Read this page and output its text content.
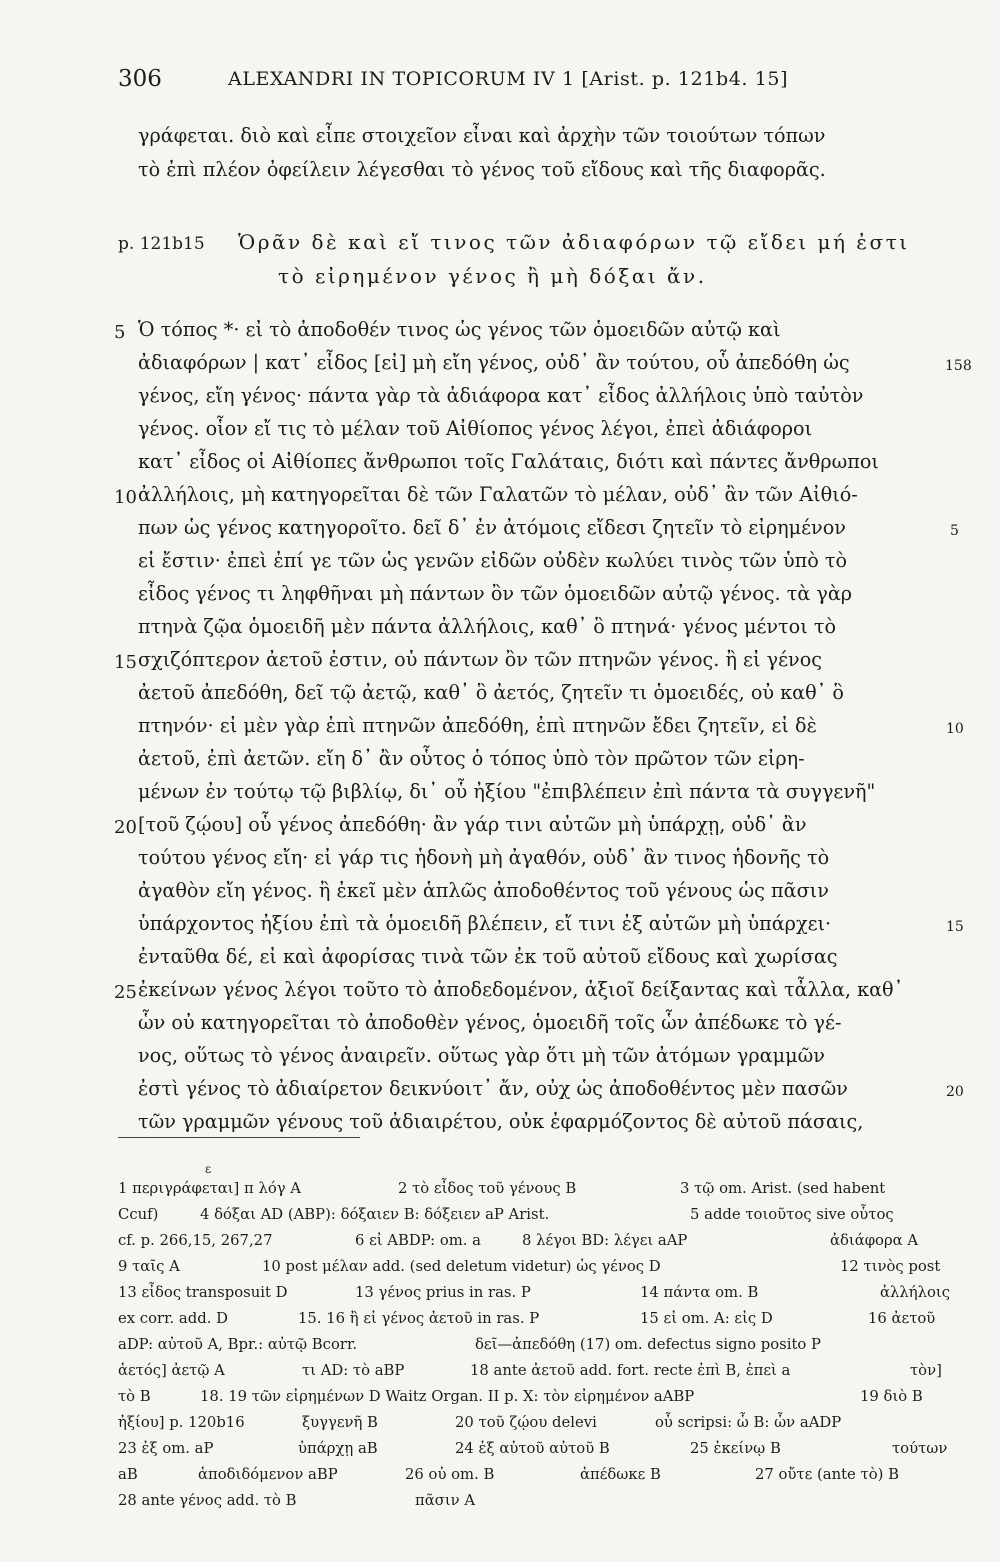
306	ALEXANDRI IN TOPICORUM IV 1 [Arist. p. 121b4. 15]
γράφεται. διὸ καὶ εἶπε στοιχεῖον εἶναι καὶ ἀρχὴν τῶν τοιούτων τόπων
τὸ ἐπὶ πλέον ὀφείλειν λέγεσθαι τὸ γένος τοῦ εἴδους καὶ τῆς διαφορᾶς.
p. 121b15 Ὁρᾶν δὲ καὶ εἴ τινος τῶν ἀδιαφόρων τῷ εἴδει μή ἐστι
τὸ εἰρημένον γένος ἢ μὴ δόξαι ἄν.
Ὁ τόπος *· εἰ τὸ ἀποδοθέν τινος ὡς γένος τῶν ὁμοειδῶν αὐτῷ καὶ
ἀδιαφόρων | κατ᾽ εἶδος [εἰ] μὴ εἴη γένος, οὐδ᾽ ἂν τούτου, οὗ ἀπεδόθη ὡς
γένος, εἴη γένος· πάντα γὰρ τὰ ἀδιάφορα κατ᾽ εἶδος ἀλλήλοις ὑπὸ ταὐτὸν
γένος. οἷον εἴ τις τὸ μέλαν τοῦ Αἰθίοπος γένος λέγοι, ἐπεὶ ἀδιάφοροι
κατ᾽ εἶδος οἱ Αἰθίοπες ἄνθρωποι τοῖς Γαλάταις, διότι καὶ πάντες ἄνθρωποι
ἀλλήλοις, μὴ κατηγορεῖται δὲ τῶν Γαλατῶν τὸ μέλαν, οὐδ᾽ ἂν τῶν Αἰθιό-
πων ὡς γένος κατηγοροῖτο. δεῖ δ᾽ ἐν ἀτόμοις εἴδεσι ζητεῖν τὸ εἰρημένον
εἰ ἔστιν· ἐπεὶ ἐπί γε τῶν ὡς γενῶν εἰδῶν οὐδὲν κωλύει τινὸς τῶν ὑπὸ τὸ
εἶδος γένος τι ληφθῆναι μὴ πάντων ὂν τῶν ὁμοειδῶν αὐτῷ γένος. τὰ γὰρ
πτηνὰ ζῷα ὁμοειδῆ μὲν πάντα ἀλλήλοις, καθ᾽ ὃ πτηνά· γένος μέντοι τὸ
σχιζόπτερον ἀετοῦ ἐστιν, οὐ πάντων ὂν τῶν πτηνῶν γένος. ἢ εἰ γένος
ἀετοῦ ἀπεδόθη, δεῖ τῷ ἀετῷ, καθ᾽ ὃ ἀετός, ζητεῖν τι ὁμοειδές, οὐ καθ᾽ ὃ
πτηνόν· εἰ μὲν γὰρ ἐπὶ πτηνῶν ἀπεδόθη, ἐπὶ πτηνῶν ἔδει ζητεῖν, εἰ δὲ
ἀετοῦ, ἐπὶ ἀετῶν. εἴη δ᾽ ἂν οὗτος ὁ τόπος ὑπὸ τὸν πρῶτον τῶν εἰρη-
μένων ἐν τούτῳ τῷ βιβλίῳ, δι᾽ οὗ ἠξίου "ἐπιβλέπειν ἐπὶ πάντα τὰ συγγενῆ"
[τοῦ ζῴου] οὗ γένος ἀπεδόθη· ἂν γάρ τινι αὐτῶν μὴ ὑπάρχῃ, οὐδ᾽ ἂν
τούτου γένος εἴη· εἰ γάρ τις ἡδονὴ μὴ ἀγαθόν, οὐδ᾽ ἂν τινος ἡδονῆς τὸ
ἀγαθὸν εἴη γένος. ἢ ἐκεῖ μὲν ἁπλῶς ἀποδοθέντος τοῦ γένους ὡς πᾶσιν
ὑπάρχοντος ἠξίου ἐπὶ τὰ ὁμοειδῆ βλέπειν, εἴ τινι ἐξ αὐτῶν μὴ ὑπάρχει·
ἐνταῦθα δέ, εἰ καὶ ἀφορίσας τινὰ τῶν ἐκ τοῦ αὐτοῦ εἴδους καὶ χωρίσας
ἐκείνων γένος λέγοι τοῦτο τὸ ἀποδεδομένον, ἀξιοῖ δείξαντας καὶ τἆλλα, καθ᾽
ὧν οὐ κατηγορεῖται τὸ ἀποδοθὲν γένος, ὁμοειδῆ τοῖς ὧν ἀπέδωκε τὸ γέ-
νος, οὕτως τὸ γένος ἀναιρεῖν. οὕτως γὰρ ὅτι μὴ τῶν ἀτόμων γραμμῶν
ἐστὶ γένος τὸ ἀδιαίρετον δεικνύοιτ᾽ ἄν, οὐχ ὡς ἀποδοθέντος μὲν πασῶν
τῶν γραμμῶν γένους τοῦ ἀδιαιρέτου, οὐκ ἐφαρμόζοντος δὲ αὐτοῦ πάσαις,
5
10
15
20
25
158
5
10
15
20
ε
1 περιγράφεται] π λόγ A	2 τὸ εἶδος τοῦ γένους B	3 τῷ om. Arist. (sed habent
Ccuf)	4 δόξαι AD (ABP): δόξαιεν B: δόξειεν aP Arist.	5 adde τοιοῦτος sive οὗτος
cf. p. 266,15, 267,27	6 εἰ ABDP: om. a	8 λέγοι BD: λέγει aAP	ἀδιάφορα A
9 ταῖς A	10 post μέλαν add. (sed deletum videtur) ὡς γένος D	12 τινὸς post
13 εἶδος transposuit D	13 γένος prius in ras. P	14 πάντα om. B	ἀλλήλοις
ex corr. add. D	15. 16 ἢ εἰ γένος ἀετοῦ in ras. P	15 εἰ om. A: εἰς D	16 ἀετοῦ
aDP: αὐτοῦ A, Bpr.: αὐτῷ Bcorr.	δεῖ—ἀπεδόθη (17) om. defectus signo posito P
ἀετός] ἀετῷ A	τι AD: τὸ aBP	18 ante ἀετοῦ add. fort. recte ἐπὶ B, ἐπεὶ a	τὸν]
τὸ B	18. 19 τῶν εἰρημένων D Waitz Organ. II p. X: τὸν εἰρημένον aABP	19 διὸ B
ἠξίου] p. 120b16	ξυγγενῆ B	20 τοῦ ζῴου delevi	οὗ scripsi: ὧ B: ὧν aADP
23 ἐξ om. aP	ὑπάρχῃ aB	24 ἐξ αὐτοῦ αὐτοῦ B	25 ἐκείνῳ B	τούτων
aB	ἀποδιδόμενον aBP	26 οὐ om. B	ἀπέδωκε B	27 οὔτε (ante τὸ) B
28 ante γένος add. τὸ B	πᾶσιν A
